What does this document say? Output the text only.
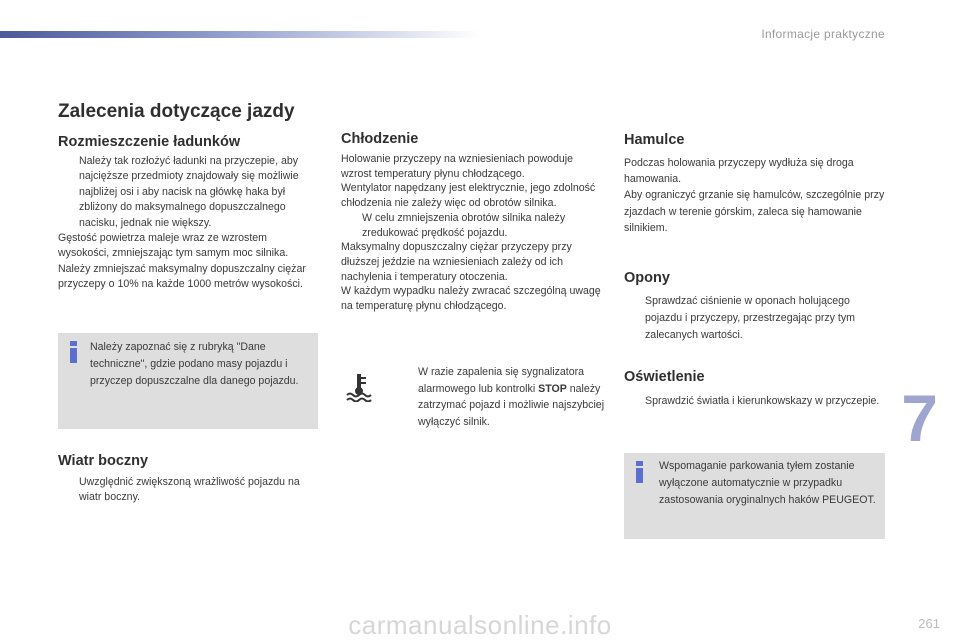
Informacje praktyczne
Zalecenia dotyczące jazdy
Rozmieszczenie ładunków
Należy tak rozłożyć ładunki na przyczepie, aby najcięższe przedmioty znajdowały się możliwie najbliżej osi i aby nacisk na główkę haka był zbliżony do maksymalnego dopuszczalnego nacisku, jednak nie większy.
Gęstość powietrza maleje wraz ze wzrostem wysokości, zmniejszając tym samym moc silnika. Należy zmniejszać maksymalny dopuszczalny ciężar przyczepy o 10% na każde 1000 metrów wysokości.
Należy zapoznać się z rubryką "Dane techniczne", gdzie podano masy pojazdu i przyczep dopuszczalne dla danego pojazdu.
Wiatr boczny
Uwzględnić zwiększoną wrażliwość pojazdu na wiatr boczny.
Chłodzenie
Holowanie przyczepy na wzniesieniach powoduje wzrost temperatury płynu chłodzącego.
Wentylator napędzany jest elektrycznie, jego zdolność chłodzenia nie zależy więc od obrotów silnika.
W celu zmniejszenia obrotów silnika należy zredukować prędkość pojazdu.
Maksymalny dopuszczalny ciężar przyczepy przy dłuższej jeździe na wzniesieniach zależy od ich nachylenia i temperatury otoczenia.
W każdym wypadku należy zwracać szczególną uwagę na temperaturę płynu chłodzącego.
W razie zapalenia się sygnalizatora alarmowego lub kontrolki STOP należy zatrzymać pojazd i możliwie najszybciej wyłączyć silnik.
Hamulce
Podczas holowania przyczepy wydłuża się droga hamowania.
Aby ograniczyć grzanie się hamulców, szczególnie przy zjazdach w terenie górskim, zaleca się hamowanie silnikiem.
Opony
Sprawdzać ciśnienie w oponach holującego pojazdu i przyczepy, przestrzegając przy tym zalecanych wartości.
Oświetlenie
Sprawdzić światła i kierunkowskazy w przyczepie.
Wspomaganie parkowania tyłem zostanie wyłączone automatycznie w przypadku zastosowania oryginalnych haków PEUGEOT.
7
carmanualsonline.info	261
